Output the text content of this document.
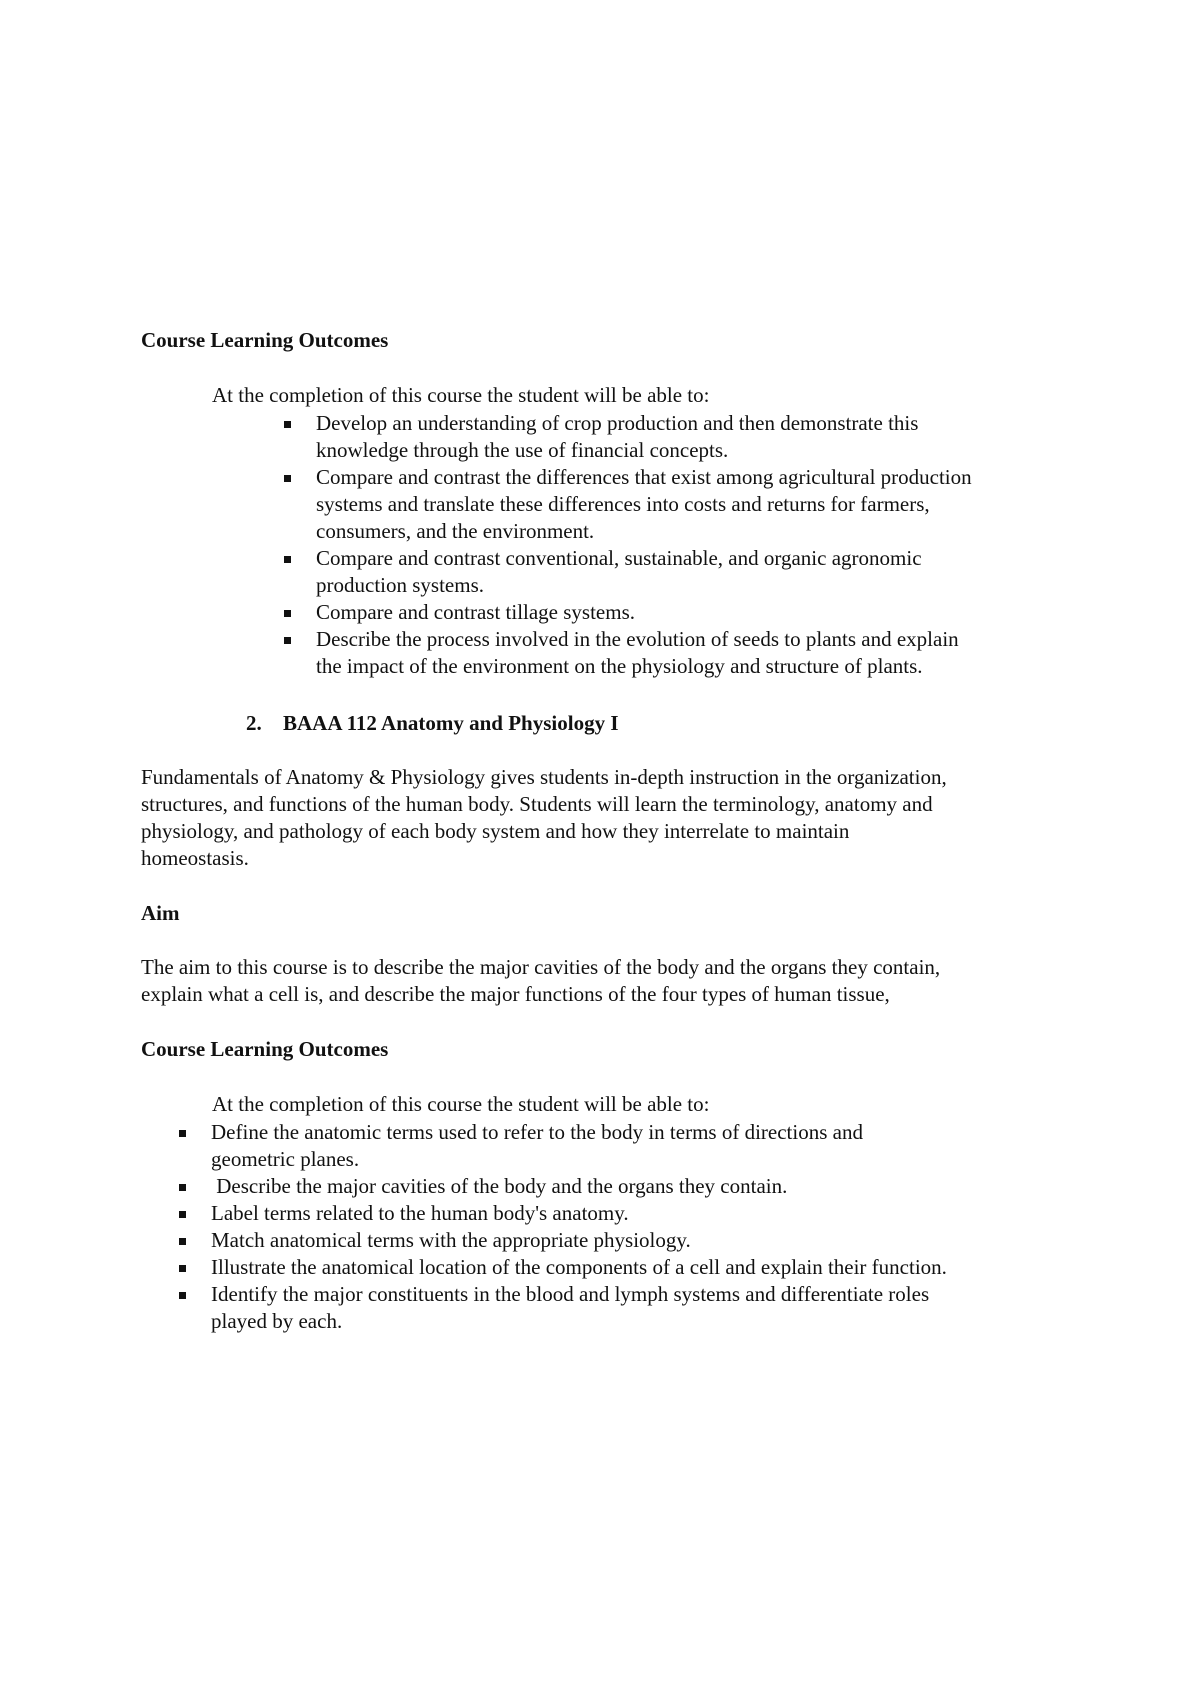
Course Learning Outcomes
At the completion of this course the student will be able to:
Develop an understanding of crop production and then demonstrate this
knowledge through the use of financial concepts.
Compare and contrast the differences that exist among agricultural production
systems and translate these differences into costs and returns for farmers,
consumers, and the environment.
Compare and contrast conventional, sustainable, and organic agronomic
production systems.
Compare and contrast tillage systems.
Describe the process involved in the evolution of seeds to plants and explain
the impact of the environment on the physiology and structure of plants.
2. BAAA 112 Anatomy and Physiology I
Fundamentals of Anatomy & Physiology gives students in-depth instruction in the organization,
structures, and functions of the human body. Students will learn the terminology, anatomy and
physiology, and pathology of each body system and how they interrelate to maintain
homeostasis.
Aim
The aim to this course is to describe the major cavities of the body and the organs they contain,
explain what a cell is, and describe the major functions of the four types of human tissue,
Course Learning Outcomes
At the completion of this course the student will be able to:
Define the anatomic terms used to refer to the body in terms of directions and
geometric planes.
Describe the major cavities of the body and the organs they contain.
Label terms related to the human body's anatomy.
Match anatomical terms with the appropriate physiology.
Illustrate the anatomical location of the components of a cell and explain their function.
Identify the major constituents in the blood and lymph systems and differentiate roles
played by each.
